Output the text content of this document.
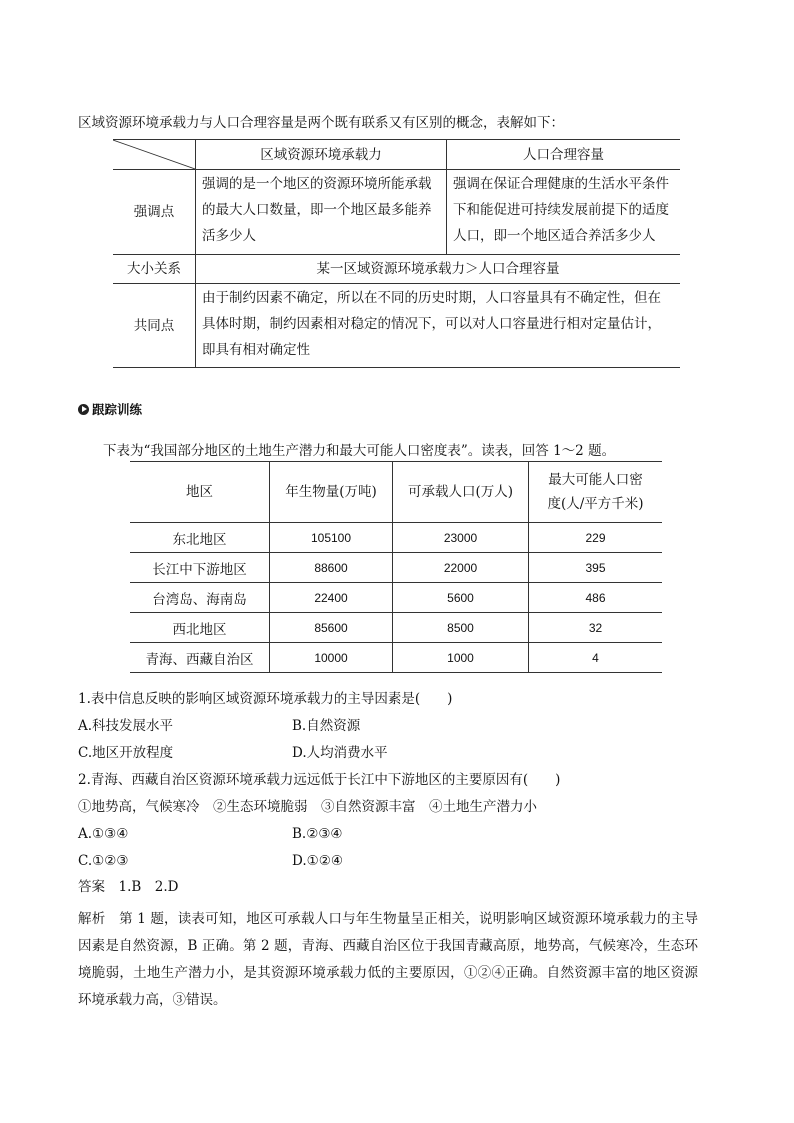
区域资源环境承载力与人口合理容量是两个既有联系又有区别的概念，表解如下：
	区域资源环境承载力	人口合理容量
强调点	强调的是一个地区的资源环境所能承载的最大人口数量，即一个地区最多能养活多少人	强调在保证合理健康的生活水平条件下和能促进可持续发展前提下的适度人口，即一个地区适合养活多少人
大小关系	某一区域资源环境承载力＞人口合理容量	
共同点	由于制约因素不确定，所以在不同的历史时期，人口容量具有不确定性，但在具体时期，制约因素相对稳定的情况下，可以对人口容量进行相对定量估计，即具有相对确定性	
跟踪训练
下表为“我国部分地区的土地生产潜力和最大可能人口密度表”。读表，回答 1～2 题。
地区	年生物量(万吨)	可承载人口(万人)	最大可能人口密度(人/平方千米)
东北地区	105100	23000	229
长江中下游地区	88600	22000	395
台湾岛、海南岛	22400	5600	486
西北地区	85600	8500	32
青海、西藏自治区	10000	1000	4
1.表中信息反映的影响区域资源环境承载力的主导因素是(　　)
A.科技发展水平	B.自然资源
C.地区开放程度	D.人均消费水平
2.青海、西藏自治区资源环境承载力远远低于长江中下游地区的主要原因有(　　)
①地势高，气候寒冷　②生态环境脆弱　③自然资源丰富　④土地生产潜力小
A.①③④	B.②③④
C.①②③	D.①②④
答案　1.B　2.D
解析　第 1 题，读表可知，地区可承载人口与年生物量呈正相关，说明影响区域资源环境承载力的主导因素是自然资源，B 正确。第 2 题，青海、西藏自治区位于我国青藏高原，地势高，气候寒冷，生态环境脆弱，土地生产潜力小，是其资源环境承载力低的主要原因，①②④正确。自然资源丰富的地区资源环境承载力高，③错误。
